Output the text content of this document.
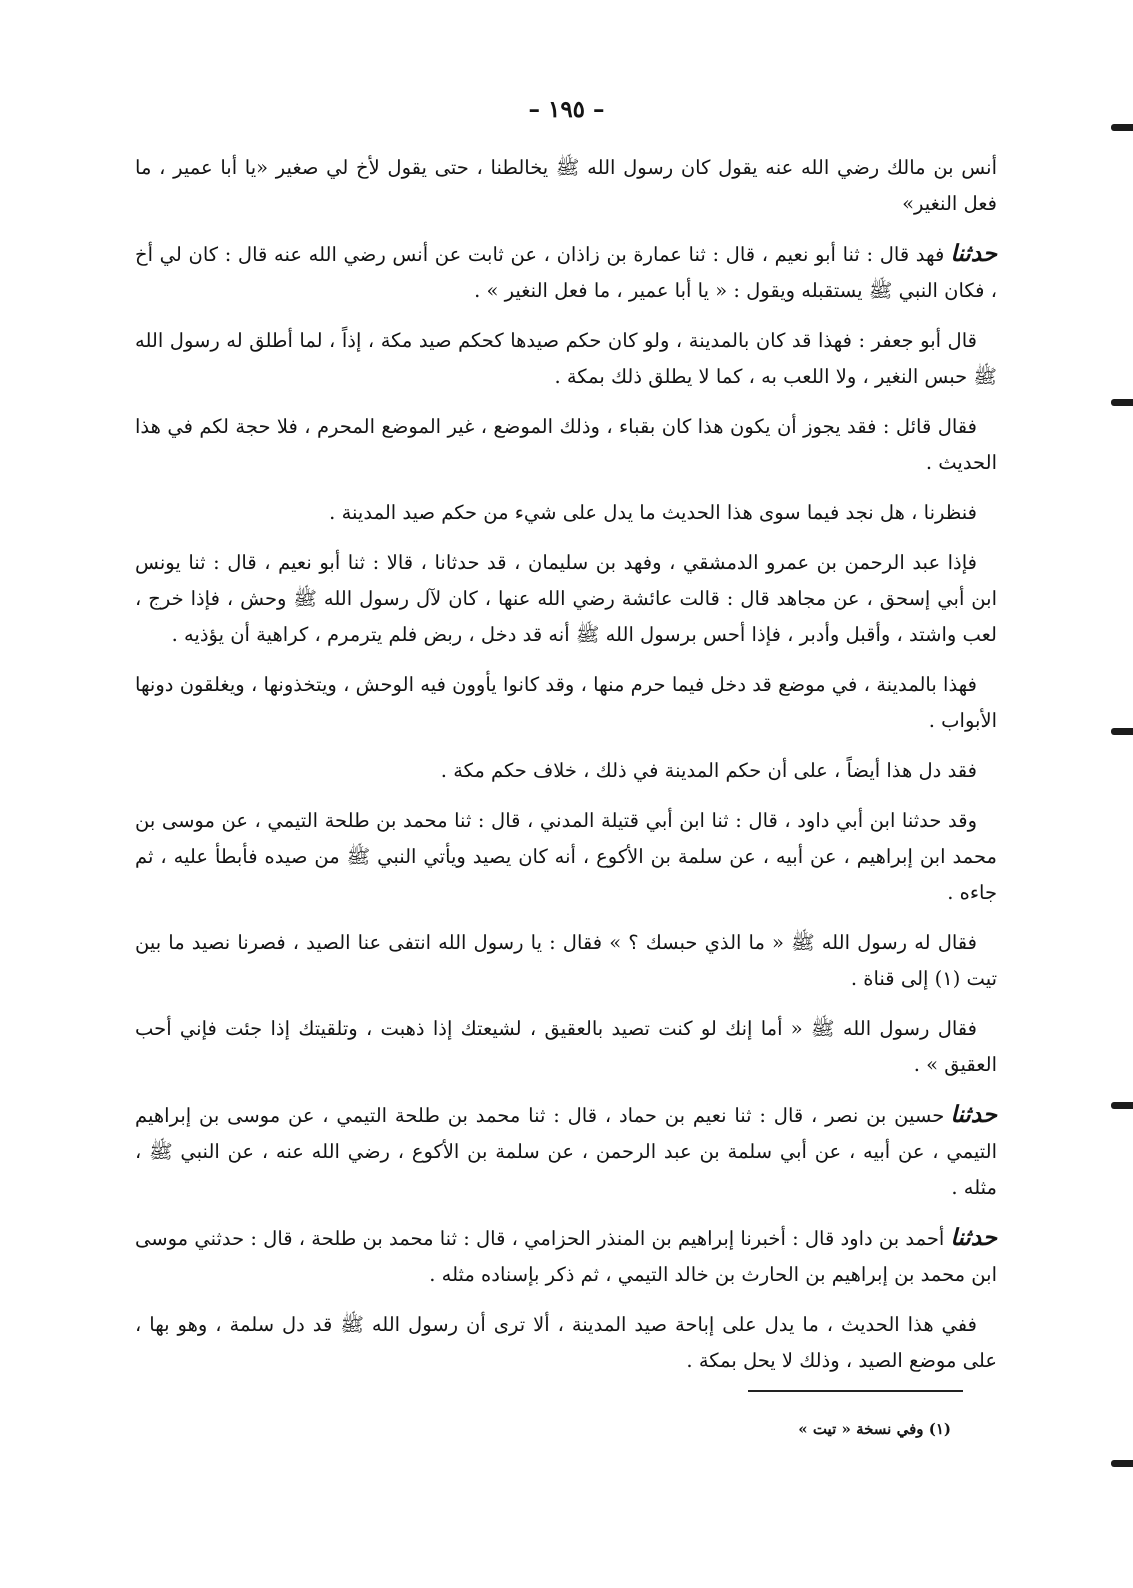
– ١٩٥ –

أنس بن مالك رضي الله عنه يقول كان رسول الله ﷺ يخالطنا ، حتى يقول لأخ لي صغير «يا أبا عمير ، ما فعل النغير»

حدثنافهد قال : ثنا أبو نعيم ، قال : ثنا عمارة بن زاذان ، عن ثابت عن أنس رضي الله عنه قال : كان لي أخ ، فكان النبي ﷺ يستقبله ويقول : « يا أبا عمير ، ما فعل النغير » .

قال أبو جعفر : فهذا قد كان بالمدينة ، ولو كان حكم صيدها كحكم صيد مكة ، إذاً ، لما أطلق له رسول الله ﷺ حبس النغير ، ولا اللعب به ، كما لا يطلق ذلك بمكة .

فقال قائل : فقد يجوز أن يكون هذا كان بقباء ، وذلك الموضع ، غير الموضع المحرم ، فلا حجة لكم في هذا الحديث .

فنظرنا ، هل نجد فيما سوى هذا الحديث ما يدل على شيء من حكم صيد المدينة .

فإذا عبد الرحمن بن عمرو الدمشقي ، وفهد بن سليمان ، قد حدثانا ، قالا : ثنا أبو نعيم ، قال : ثنا يونس ابن أبي إسحق ، عن مجاهد قال : قالت عائشة رضي الله عنها ، كان لآل رسول الله ﷺ وحش ، فإذا خرج ، لعب واشتد ، وأقبل وأدبر ، فإذا أحس برسول الله ﷺ أنه قد دخل ، ربض فلم يترمرم ، كراهية أن يؤذيه .

فهذا بالمدينة ، في موضع قد دخل فيما حرم منها ، وقد كانوا يأوون فيه الوحش ، ويتخذونها ، ويغلقون دونها الأبواب .

فقد دل هذا أيضاً ، على أن حكم المدينة في ذلك ، خلاف حكم مكة .

وقد حدثنا ابن أبي داود ، قال : ثنا ابن أبي قتيلة المدني ، قال : ثنا محمد بن طلحة التيمي ، عن موسى بن محمد ابن إبراهيم ، عن أبيه ، عن سلمة بن الأكوع ، أنه كان يصيد ويأتي النبي ﷺ من صيده فأبطأ عليه ، ثم جاءه .

فقال له رسول الله ﷺ « ما الذي حبسك ؟ » فقال : يا رسول الله انتفى عنا الصيد ، فصرنا نصيد ما بين تيت (١) إلى قناة .

فقال رسول الله ﷺ « أما إنك لو كنت تصيد بالعقيق ، لشيعتك إذا ذهبت ، وتلقيتك إذا جئت فإني أحب العقيق » .

حدثناحسين بن نصر ، قال : ثنا نعيم بن حماد ، قال : ثنا محمد بن طلحة التيمي ، عن موسى بن إبراهيم التيمي ، عن أبيه ، عن أبي سلمة بن عبد الرحمن ، عن سلمة بن الأكوع ، رضي الله عنه ، عن النبي ﷺ ، مثله .

حدثناأحمد بن داود قال : أخبرنا إبراهيم بن المنذر الحزامي ، قال : ثنا محمد بن طلحة ، قال : حدثني موسى ابن محمد بن إبراهيم بن الحارث بن خالد التيمي ، ثم ذكر بإسناده مثله .

ففي هذا الحديث ، ما يدل على إباحة صيد المدينة ، ألا ترى أن رسول الله ﷺ قد دل سلمة ، وهو بها ، على موضع الصيد ، وذلك لا يحل بمكة .

(١) وفي نسخة « تيت »
